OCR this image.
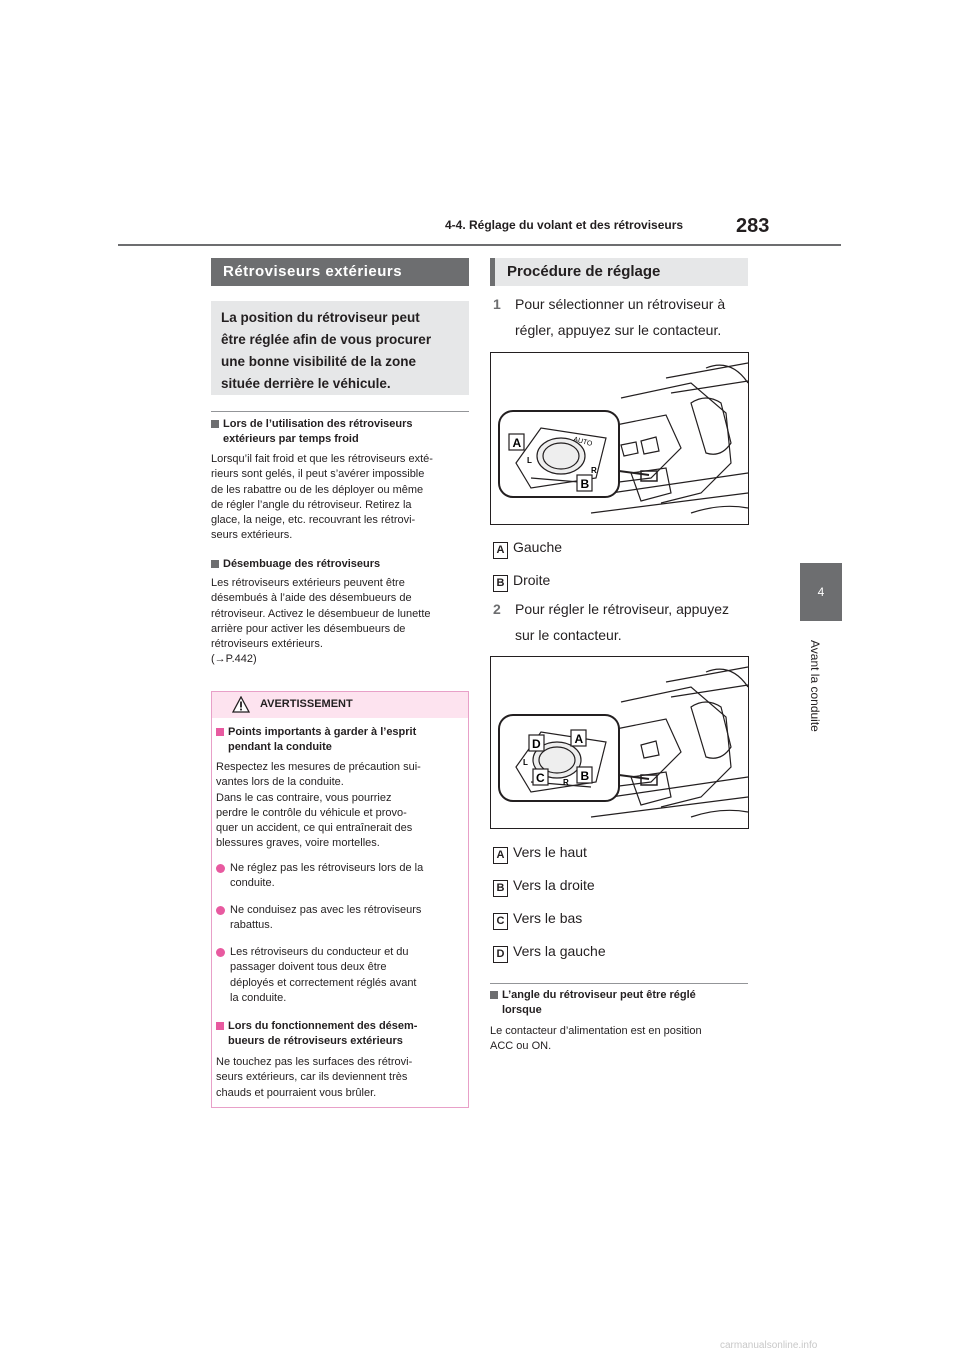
4-4. Réglage du volant et des rétroviseurs	283
4
Avant la conduite
Rétroviseurs extérieurs

La position du rétroviseur peut

être réglée afin de vous procurer

une bonne visibilité de la zone

située derrière le véhicule.

Lors de l’utilisation des rétroviseurs
extérieurs par temps froid
Lorsqu’il fait froid et que les rétroviseurs exté-
rieurs sont gelés, il peut s’avérer impossible
de les rabattre ou de les déployer ou même
de régler l’angle du rétroviseur. Retirez la
glace, la neige, etc. recouvrant les rétrovi-
seurs extérieurs.
Désembuage des rétroviseurs
Les rétroviseurs extérieurs peuvent être
désembués à l’aide des désembueurs de
rétroviseur. Activez le désembueur de lunette
arrière pour activer les désembueurs de
rétroviseurs extérieurs.
(→P.442)
AVERTISSEMENT
Points importants à garder à l’esprit
pendant la conduite
Respectez les mesures de précaution sui-
vantes lors de la conduite.
Dans le cas contraire, vous pourriez
perdre le contrôle du véhicule et provo-
quer un accident, ce qui entraînerait des
blessures graves, voire mortelles.
Ne réglez pas les rétroviseurs lors de la
conduite.
Ne conduisez pas avec les rétroviseurs
rabattus.
Les rétroviseurs du conducteur et du
passager doivent tous deux être
déployés et correctement réglés avant
la conduite.
Lors du fonctionnement des désem-
bueurs de rétroviseurs extérieurs
Ne touchez pas les surfaces des rétrovi-
seurs extérieurs, car ils deviennent très
chauds et pourraient vous brûler.
Procédure de réglage
1 Pour sélectionner un rétroviseur à
régler, appuyez sur le contacteur.
AUTO
L
R
A
B
A Gauche
B Droite
2 Pour régler le rétroviseur, appuyez
sur le contacteur.
L
R
D	A
C	B
A Vers le haut
B Vers la droite
C Vers le bas
D Vers la gauche
L’angle du rétroviseur peut être réglé
lorsque
Le contacteur d’alimentation est en position
ACC ou ON.
carmanualsonline.info
